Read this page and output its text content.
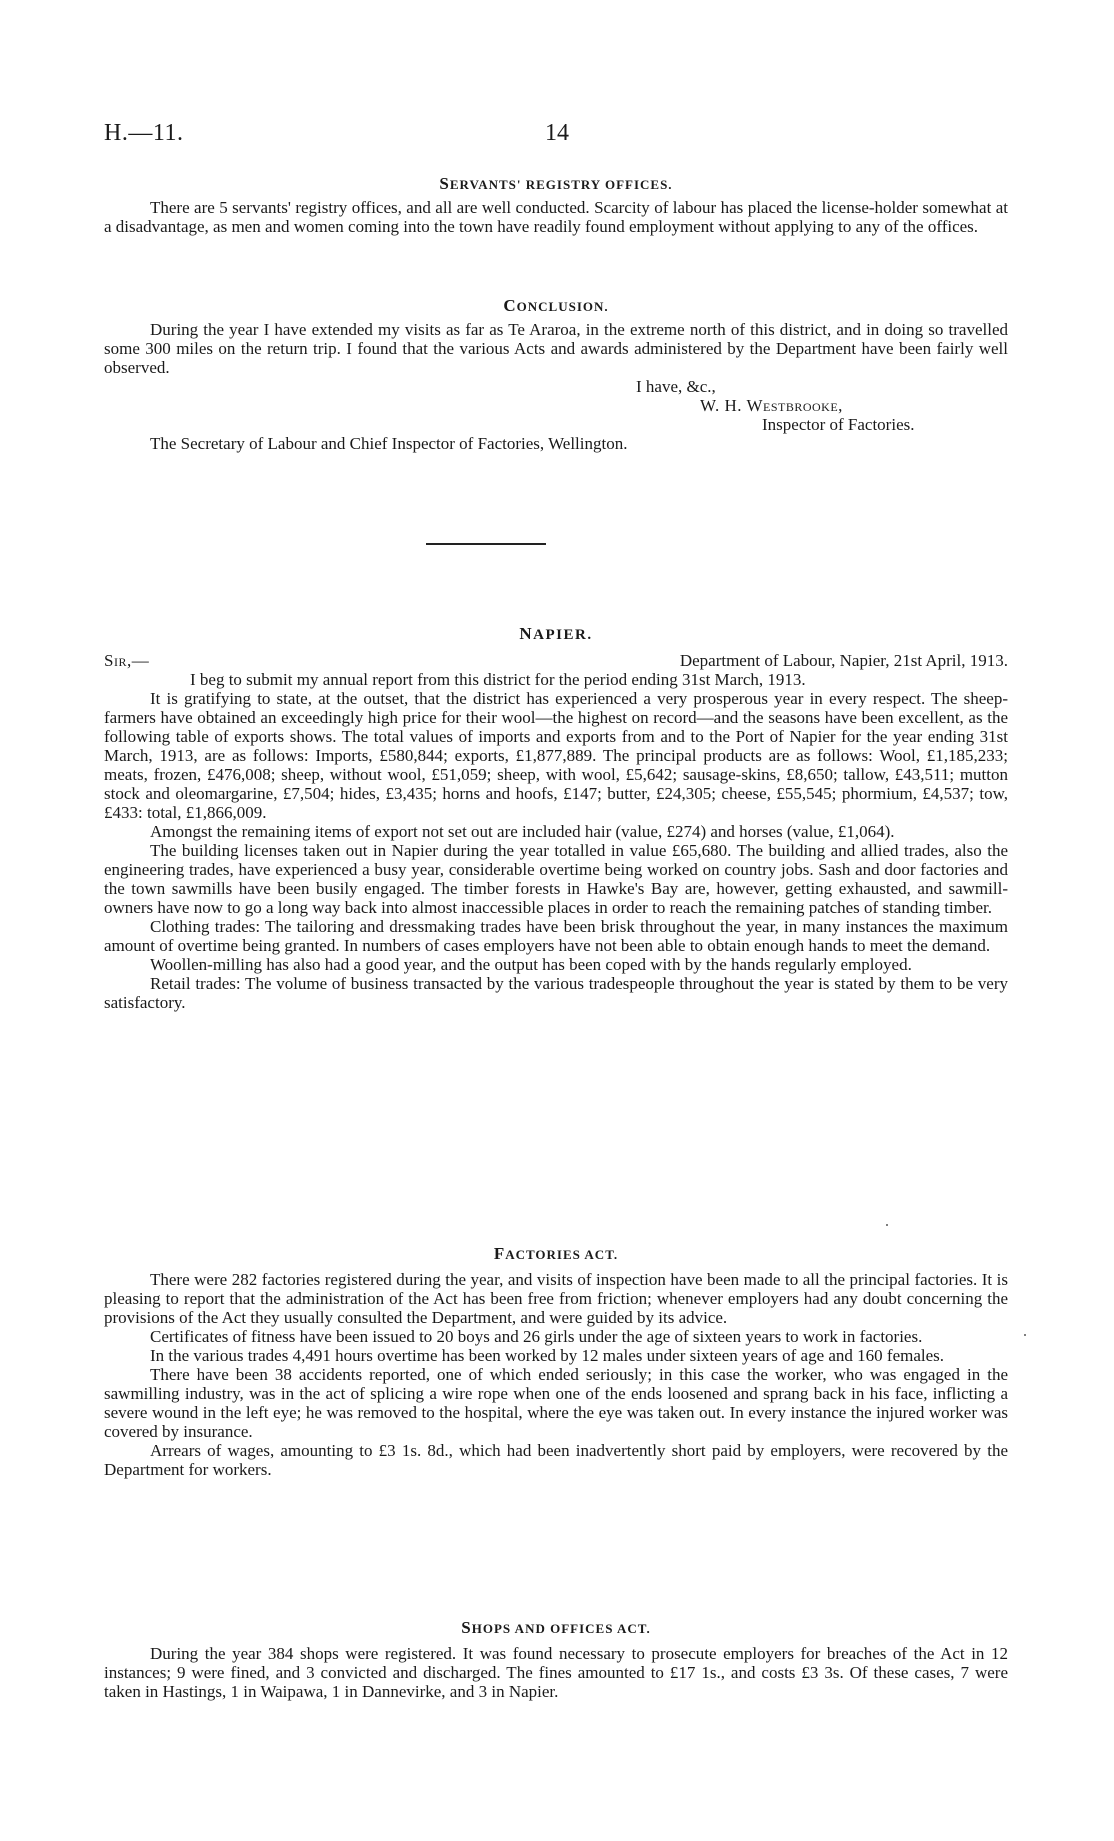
H.—11.	14
SERVANTS' REGISTRY OFFICES.

There are 5 servants' registry offices, and all are well conducted. Scarcity of labour has placed the license-holder somewhat at a disadvantage, as men and women coming into the town have readily found employment without applying to any of the offices.

CONCLUSION.

During the year I have extended my visits as far as Te Araroa, in the extreme north of this district, and in doing so travelled some 300 miles on the return trip. I found that the various Acts and awards administered by the Department have been fairly well observed.

I have, &c.,
W. H. Westbrooke,
Inspector of Factories.
The Secretary of Labour and Chief Inspector of Factories, Wellington.
NAPIER.
Sir,—	Department of Labour, Napier, 21st April, 1913.

I beg to submit my annual report from this district for the period ending 31st March, 1913.

It is gratifying to state, at the outset, that the district has experienced a very prosperous year in every respect. The sheep-farmers have obtained an exceedingly high price for their wool—the highest on record—and the seasons have been excellent, as the following table of exports shows. The total values of imports and exports from and to the Port of Napier for the year ending 31st March, 1913, are as follows: Imports, £580,844; exports, £1,877,889. The principal products are as follows: Wool, £1,185,233; meats, frozen, £476,008; sheep, without wool, £51,059; sheep, with wool, £5,642; sausage-skins, £8,650; tallow, £43,511; mutton stock and oleomargarine, £7,504; hides, £3,435; horns and hoofs, £147; butter, £24,305; cheese, £55,545; phormium, £4,537; tow, £433: total, £1,866,009.

Amongst the remaining items of export not set out are included hair (value, £274) and horses (value, £1,064).

The building licenses taken out in Napier during the year totalled in value £65,680. The building and allied trades, also the engineering trades, have experienced a busy year, considerable overtime being worked on country jobs. Sash and door factories and the town sawmills have been busily engaged. The timber forests in Hawke's Bay are, however, getting exhausted, and sawmill-owners have now to go a long way back into almost inaccessible places in order to reach the remaining patches of standing timber.

Clothing trades: The tailoring and dressmaking trades have been brisk throughout the year, in many instances the maximum amount of overtime being granted. In numbers of cases employers have not been able to obtain enough hands to meet the demand.

Woollen-milling has also had a good year, and the output has been coped with by the hands regularly employed.

Retail trades: The volume of business transacted by the various tradespeople throughout the year is stated by them to be very satisfactory.

FACTORIES ACT.

There were 282 factories registered during the year, and visits of inspection have been made to all the principal factories. It is pleasing to report that the administration of the Act has been free from friction; whenever employers had any doubt concerning the provisions of the Act they usually consulted the Department, and were guided by its advice.

Certificates of fitness have been issued to 20 boys and 26 girls under the age of sixteen years to work in factories.

In the various trades 4,491 hours overtime has been worked by 12 males under sixteen years of age and 160 females.

There have been 38 accidents reported, one of which ended seriously; in this case the worker, who was engaged in the sawmilling industry, was in the act of splicing a wire rope when one of the ends loosened and sprang back in his face, inflicting a severe wound in the left eye; he was removed to the hospital, where the eye was taken out. In every instance the injured worker was covered by insurance.

Arrears of wages, amounting to £3 1s. 8d., which had been inadvertently short paid by employers, were recovered by the Department for workers.

SHOPS AND OFFICES ACT.

During the year 384 shops were registered. It was found necessary to prosecute employers for breaches of the Act in 12 instances; 9 were fined, and 3 convicted and discharged. The fines amounted to £17 1s., and costs £3 3s. Of these cases, 7 were taken in Hastings, 1 in Waipawa, 1 in Dannevirke, and 3 in Napier.
